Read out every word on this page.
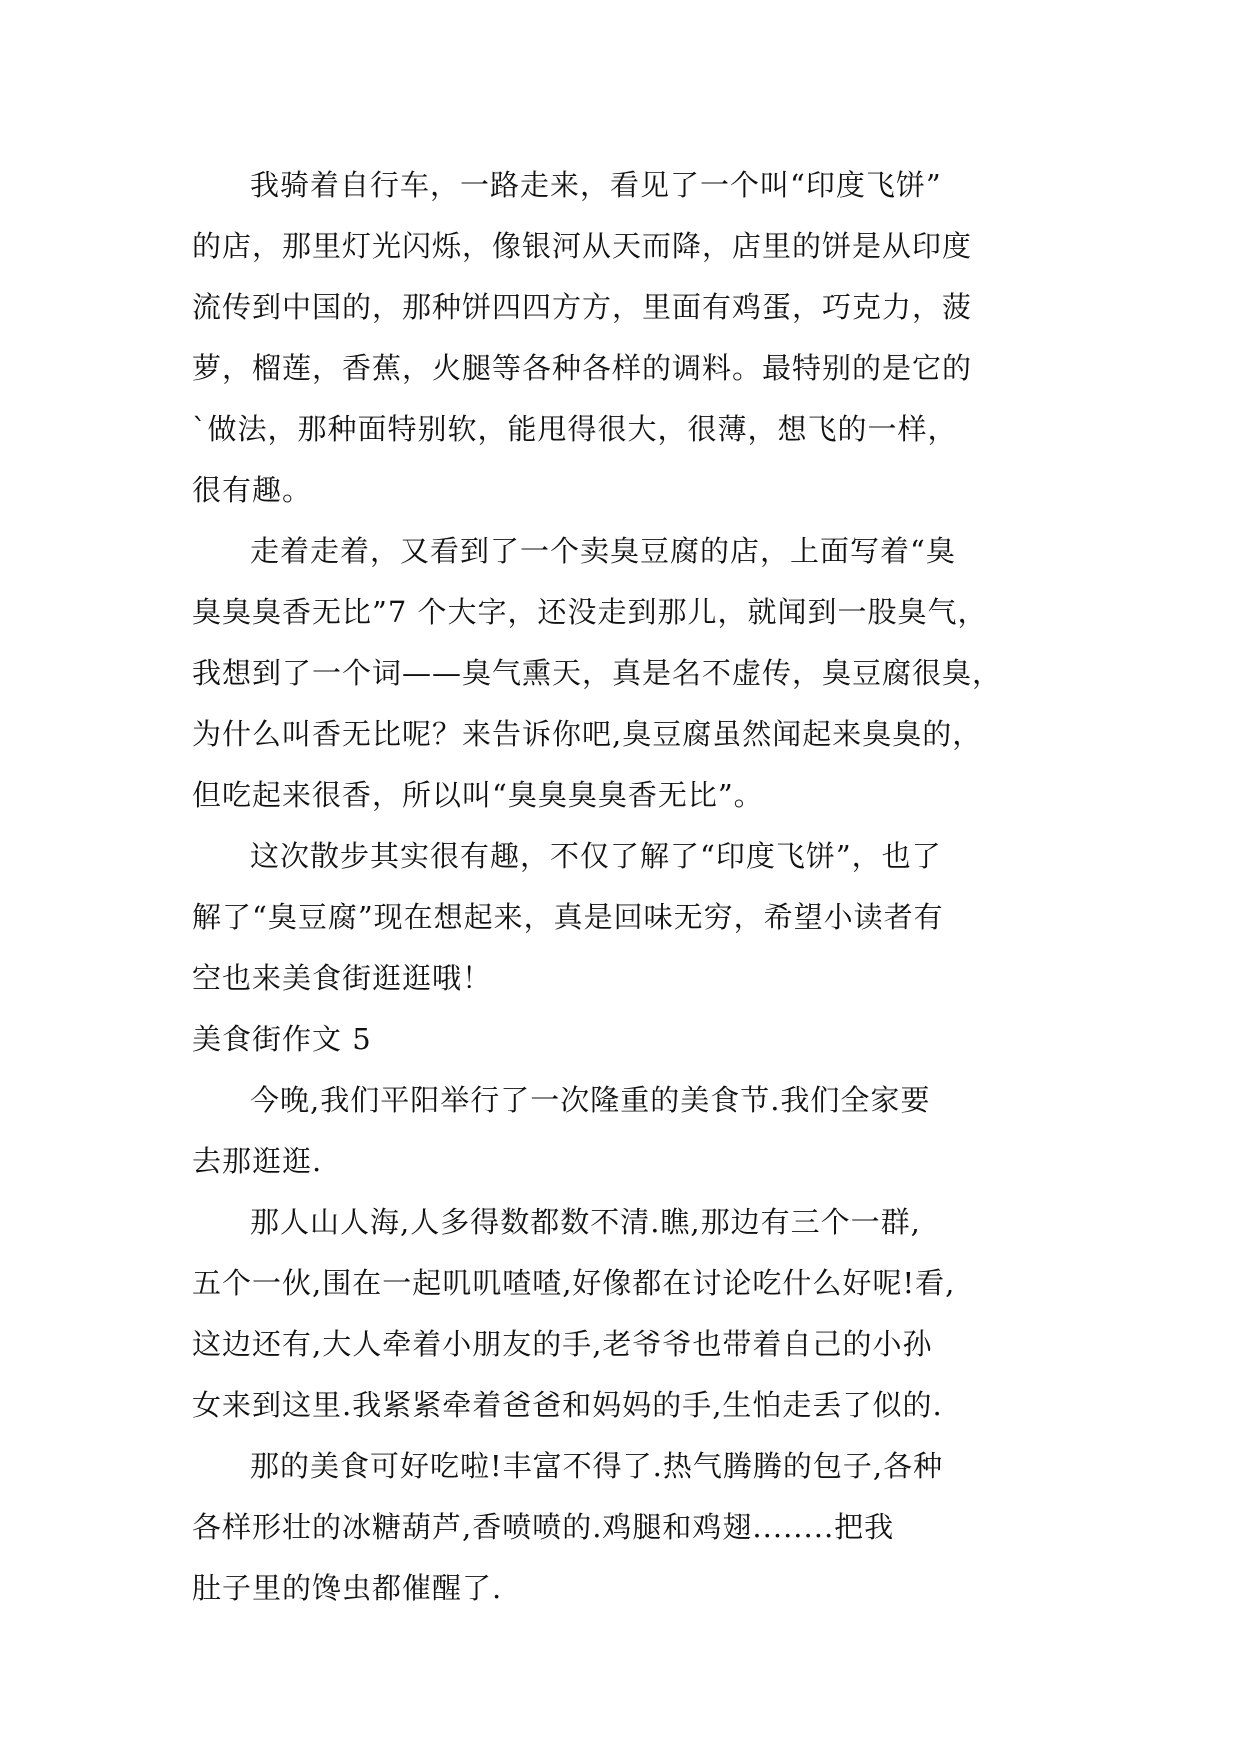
我骑着自行车，一路走来，看见了一个叫“印度飞饼”
的店，那里灯光闪烁，像银河从天而降，店里的饼是从印度
流传到中国的，那种饼四四方方，里面有鸡蛋，巧克力，菠
萝，榴莲，香蕉，火腿等各种各样的调料。最特别的是它的
`做法，那种面特别软，能甩得很大，很薄，想飞的一样，
很有趣。
走着走着，又看到了一个卖臭豆腐的店，上面写着“臭
臭臭臭香无比”7 个大字，还没走到那儿，就闻到一股臭气，
我想到了一个词——臭气熏天，真是名不虚传，臭豆腐很臭，
为什么叫香无比呢？来告诉你吧,臭豆腐虽然闻起来臭臭的，
但吃起来很香，所以叫“臭臭臭臭香无比”。
这次散步其实很有趣，不仅了解了“印度飞饼”，也了
解了“臭豆腐”现在想起来，真是回味无穷，希望小读者有
空也来美食街逛逛哦！
美食街作文 5
今晚,我们平阳举行了一次隆重的美食节.我们全家要
去那逛逛.
那人山人海,人多得数都数不清.瞧,那边有三个一群,
五个一伙,围在一起叽叽喳喳,好像都在讨论吃什么好呢!看,
这边还有,大人牵着小朋友的手,老爷爷也带着自己的小孙
女来到这里.我紧紧牵着爸爸和妈妈的手,生怕走丢了似的.
那的美食可好吃啦!丰富不得了.热气腾腾的包子,各种
各样形壮的冰糖葫芦,香喷喷的.鸡腿和鸡翅........把我
肚子里的馋虫都催醒了.
